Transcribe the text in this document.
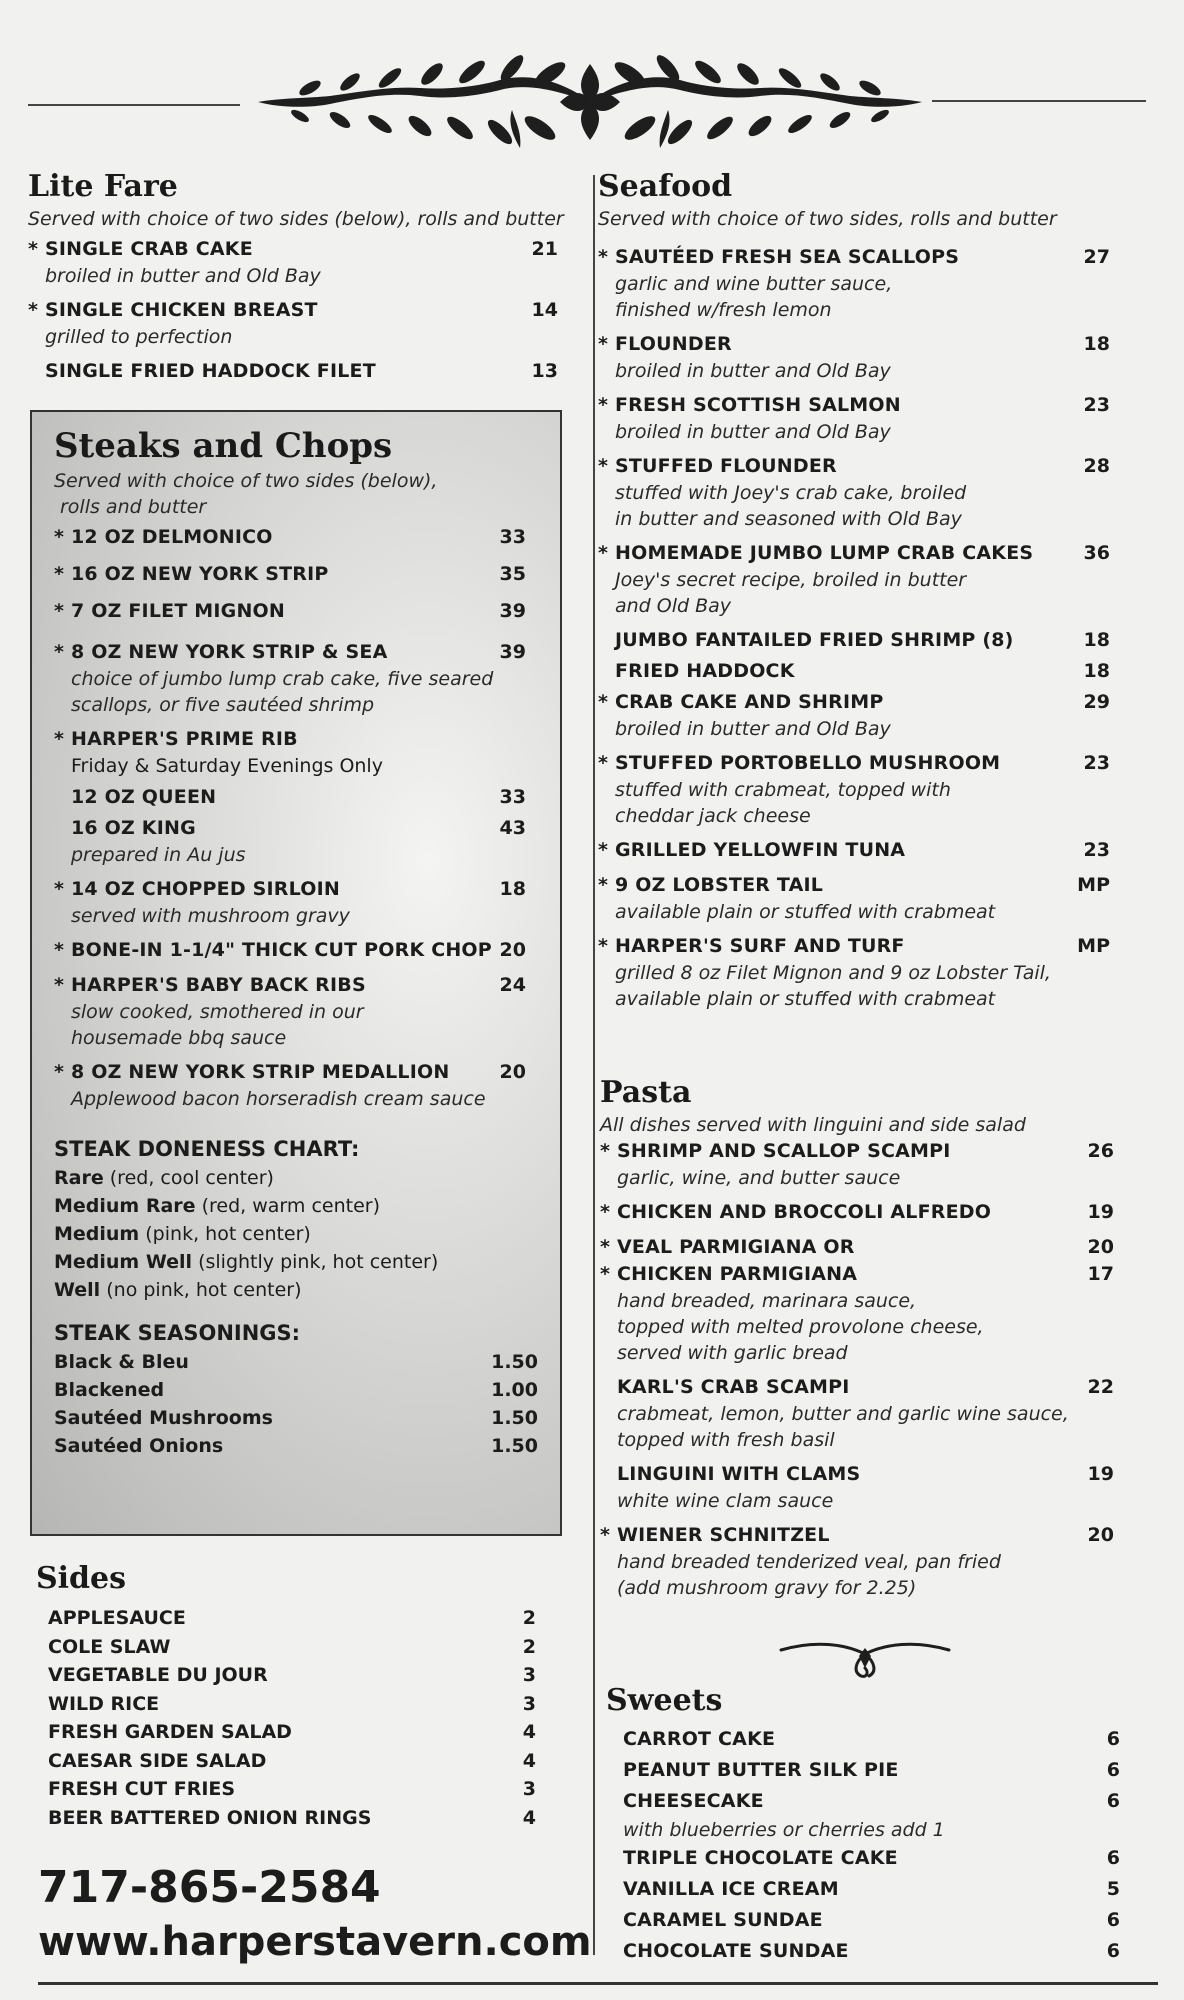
Lite Fare
Served with choice of two sides (below), rolls and butter
* SINGLE CRAB CAKE	21
broiled in butter and Old Bay
* SINGLE CHICKEN BREAST	14
grilled to perfection
SINGLE FRIED HADDOCK FILET	13
Steaks and Chops
Served with choice of two sides (below),
rolls and butter
* 12 OZ DELMONICO	33
* 16 OZ NEW YORK STRIP	35
* 7 OZ FILET MIGNON	39
* 8 OZ NEW YORK STRIP & SEA	39
choice of jumbo lump crab cake, five seared
scallops, or five sautéed shrimp
* HARPER'S PRIME RIB
Friday & Saturday Evenings Only
12 OZ QUEEN	33
16 OZ KING	43
prepared in Au jus
* 14 OZ CHOPPED SIRLOIN	18
served with mushroom gravy
* BONE-IN 1-1/4" THICK CUT PORK CHOP 20
* HARPER'S BABY BACK RIBS	24
slow cooked, smothered in our
housemade bbq sauce
* 8 OZ NEW YORK STRIP MEDALLION	20
Applewood bacon horseradish cream sauce
STEAK DONENESS CHART:
Rare (red, cool center)
Medium Rare (red, warm center)
Medium (pink, hot center)
Medium Well (slightly pink, hot center)
Well (no pink, hot center)
STEAK SEASONINGS:
Black & Bleu	1.50
Blackened	1.00
Sautéed Mushrooms	1.50
Sautéed Onions	1.50
Sides
APPLESAUCE	2
COLE SLAW	2
VEGETABLE DU JOUR	3
WILD RICE	3
FRESH GARDEN SALAD	4
CAESAR SIDE SALAD	4
FRESH CUT FRIES	3
BEER BATTERED ONION RINGS	4
717-865-2584
www.harperstavern.com
Seafood
Served with choice of two sides, rolls and butter
* SAUTÉED FRESH SEA SCALLOPS	27
garlic and wine butter sauce,
finished w/fresh lemon
* FLOUNDER	18
broiled in butter and Old Bay
* FRESH SCOTTISH SALMON	23
broiled in butter and Old Bay
* STUFFED FLOUNDER	28
stuffed with Joey's crab cake, broiled
in butter and seasoned with Old Bay
* HOMEMADE JUMBO LUMP CRAB CAKES	36
Joey's secret recipe, broiled in butter
and Old Bay
JUMBO FANTAILED FRIED SHRIMP (8)	18
FRIED HADDOCK	18
* CRAB CAKE AND SHRIMP	29
broiled in butter and Old Bay
* STUFFED PORTOBELLO MUSHROOM	23
stuffed with crabmeat, topped with
cheddar jack cheese
* GRILLED YELLOWFIN TUNA	23
* 9 OZ LOBSTER TAIL	MP
available plain or stuffed with crabmeat
* HARPER'S SURF AND TURF	MP
grilled 8 oz Filet Mignon and 9 oz Lobster Tail,
available plain or stuffed with crabmeat
Pasta
All dishes served with linguini and side salad
* SHRIMP AND SCALLOP SCAMPI	26
garlic, wine, and butter sauce
* CHICKEN AND BROCCOLI ALFREDO	19
* VEAL PARMIGIANA OR	20
* CHICKEN PARMIGIANA	17
hand breaded, marinara sauce,
topped with melted provolone cheese,
served with garlic bread
KARL'S CRAB SCAMPI	22
crabmeat, lemon, butter and garlic wine sauce,
topped with fresh basil
LINGUINI WITH CLAMS	19
white wine clam sauce
* WIENER SCHNITZEL	20
hand breaded tenderized veal, pan fried
(add mushroom gravy for 2.25)
Sweets
CARROT CAKE	6
PEANUT BUTTER SILK PIE	6
CHEESECAKE	6
with blueberries or cherries add 1
TRIPLE CHOCOLATE CAKE	6
VANILLA ICE CREAM	5
CARAMEL SUNDAE	6
CHOCOLATE SUNDAE	6
